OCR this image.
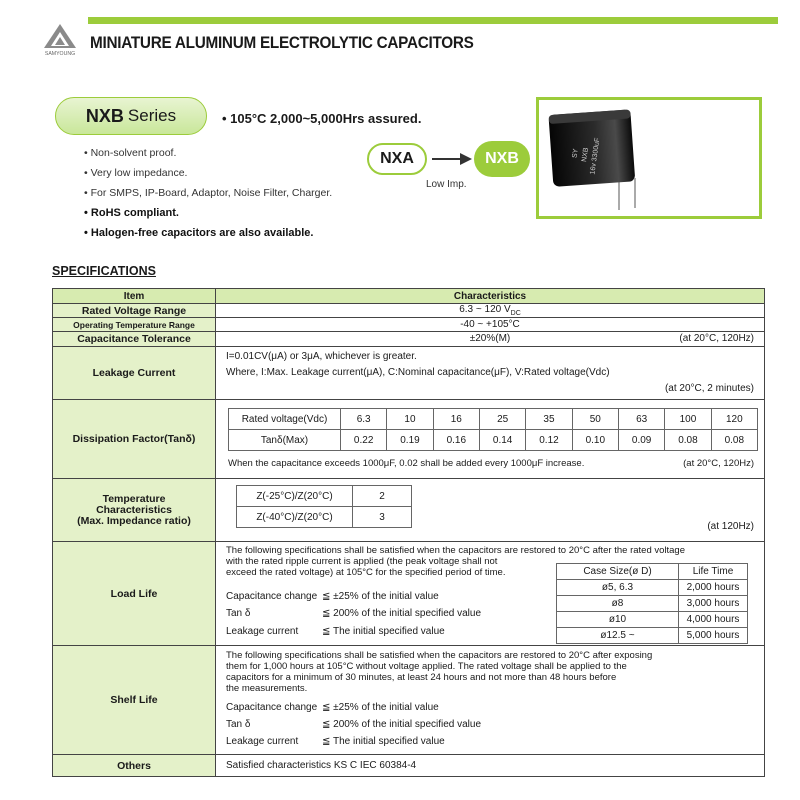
SAMYOUNG
MINIATURE ALUMINUM ELECTROLYTIC CAPACITORS
NXB Series	• 105°C 2,000~5,000Hrs assured.
• Non-solvent proof.
• Very low impedance.
• For SMPS, IP-Board, Adaptor, Noise Filter, Charger.
• RoHS compliant.
• Halogen-free capacitors are also available.
NXA	NXB
Low Imp.
SY NXB 16v 3300uF
SPECIFICATIONS
Item	Characteristics
Rated Voltage Range	6.3 ~ 120 $V_{DC}$
Operating Temperature Range	-40 ~ +105°C
Capacitance Tolerance	±20%(M)	(at 20°C, 120Hz)

Leakage Current	
I=0.01CV(μA) or 3μA, whichever is greater.
Where, I:Max. Leakage current(μA), C:Nominal capacitance(μF), V:Rated voltage(Vdc)
(at 20°C, 2 minutes)

Dissipation Factor(Tanδ)	
Rated voltage(Vdc)	6.3	10	16	25	35	50	63	100	120
Tanδ(Max)	0.22	0.19	0.16	0.14	0.12	0.10	0.09	0.08	0.08
When the capacitance exceeds 1000μF, 0.02 shall be added every 1000μF increase.	(at 20°C, 120Hz)

Temperature
Characteristics
(Max. Impedance ratio)

Z(-25°C)/Z(20°C)	2
Z(-40°C)/Z(20°C)	3
(at 120Hz)

Load Life	
The following specifications shall be satisfied when the capacitors are restored to 20°C after the rated voltage
with the rated ripple current is applied (the peak voltage shall not
exceed the rated voltage) at 105°C for the specified period of time.
Capacitance change ≦ ±25% of the initial value
Tan δ	≦ 200% of the initial specified value
Leakage current ≦ The initial specified value
Case Size(ø D)	Life Time
ø5, 6.3	2,000 hours
ø8	3,000 hours
ø10	4,000 hours
ø12.5 ~	5,000 hours

Shelf Life	
The following specifications shall be satisfied when the capacitors are restored to 20°C after exposing
them for 1,000 hours at 105°C without voltage applied. The rated voltage shall be applied to the
capacitors for a minimum of 30 minutes, at least 24 hours and not more than 48 hours before
the measurements.
Capacitance change ≦ ±25% of the initial value
Tan δ	≦ 200% of the initial specified value
Leakage current ≦ The initial specified value

Others	Satisfied characteristics KS C IEC 60384-4
